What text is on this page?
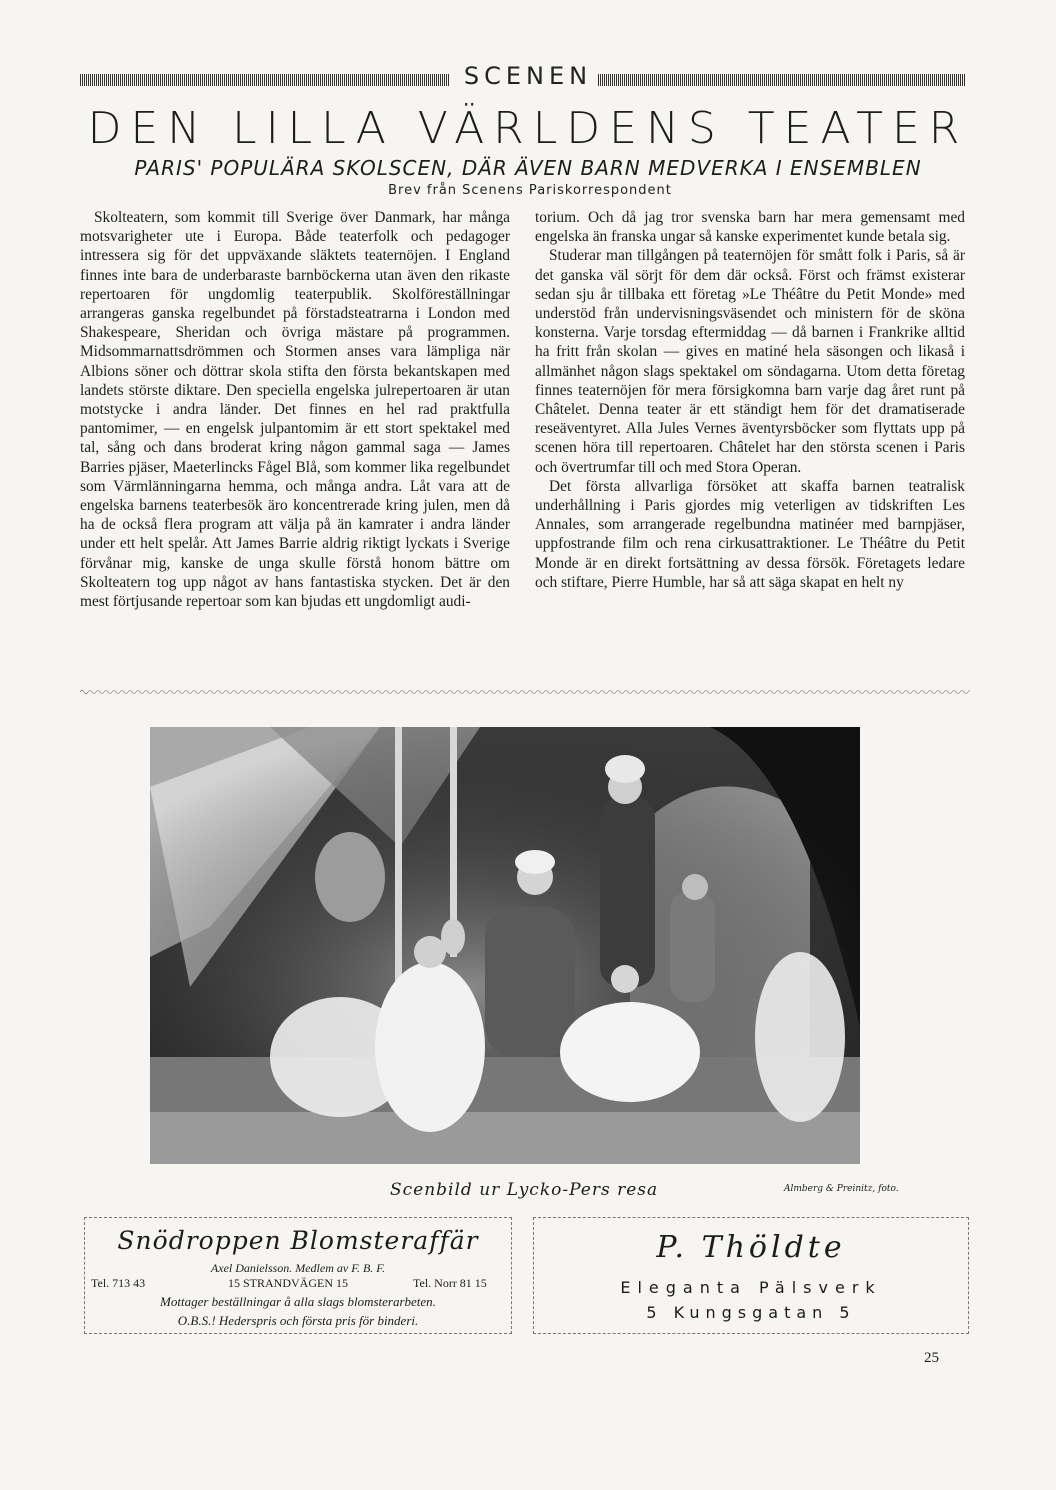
SCENEN
DEN LILLA VÄRLDENS TEATER
PARIS' POPULÄRA SKOLSCEN, DÄR ÄVEN BARN MEDVERKA I ENSEMBLEN
Brev från Scenens Pariskorrespondent

Skolteatern, som kommit till Sverige över Danmark, har många motsvarigheter ute i Europa. Både teaterfolk och pedagoger intressera sig för det uppväxande släktets teaternöjen. I England finnes inte bara de underbaraste barnböckerna utan även den rikaste repertoaren för ungdomlig teaterpublik. Skolföreställningar arrangeras ganska regelbundet på förstadsteatrarna i London med Shakespeare, Sheridan och övriga mästare på programmen. Midsommarnattsdrömmen och Stormen anses vara lämpliga när Albions söner och döttrar skola stifta den första bekantskapen med landets störste diktare. Den speciella engelska julrepertoaren är utan motstycke i andra länder. Det finnes en hel rad praktfulla pantomimer, — en engelsk julpantomim är ett stort spektakel med tal, sång och dans broderat kring någon gammal saga — James Barries pjäser, Maeterlincks Fågel Blå, som kommer lika regelbundet som Värmlänningarna hemma, och många andra. Låt vara att de engelska barnens teaterbesök äro koncentrerade kring julen, men då ha de också flera program att välja på än kamrater i andra länder under ett helt spelår. Att James Barrie aldrig riktigt lyckats i Sverige förvånar mig, kanske de unga skulle förstå honom bättre om Skolteatern tog upp något av hans fantastiska stycken. Det är den mest förtjusande repertoar som kan bjudas ett ungdomligt audi-

torium. Och då jag tror svenska barn har mera gemensamt med engelska än franska ungar så kanske experimentet kunde betala sig.

Studerar man tillgången på teaternöjen för smått folk i Paris, så är det ganska väl sörjt för dem där också. Först och främst existerar sedan sju år tillbaka ett företag »Le Théâtre du Petit Monde» med understöd från undervisningsväsendet och ministern för de sköna konsterna. Varje torsdag eftermiddag — då barnen i Frankrike alltid ha fritt från skolan — gives en matiné hela säsongen och likaså i allmänhet någon slags spektakel om söndagarna. Utom detta företag finnes teaternöjen för mera försigkomna barn varje dag året runt på Châtelet. Denna teater är ett ständigt hem för det dramatiserade reseäventyret. Alla Jules Vernes äventyrsböcker som flyttats upp på scenen höra till repertoaren. Châtelet har den största scenen i Paris och övertrumfar till och med Stora Operan.

Det första allvarliga försöket att skaffa barnen teatralisk underhållning i Paris gjordes mig veterligen av tidskriften Les Annales, som arrangerade regelbundna matinéer med barnpjäser, uppfostrande film och rena cirkusattraktioner. Le Théâtre du Petit Monde är en direkt fortsättning av dessa försök. Företagets ledare och stiftare, Pierre Humble, har så att säga skapat en helt ny

Scenbild ur Lycko-Pers resa	Almberg & Preinitz, foto.
Snödroppen Blomsteraffär
Axel Danielsson. Medlem av F. B. F.
Tel. 713 43	15 STRANDVÄGEN 15	Tel. Norr 81 15
Mottager beställningar å alla slags blomsterarbeten.
O.B.S.! Hederspris och första pris för binderi.
P. Thöldte
Eleganta Pälsverk
5 Kungsgatan 5
25
